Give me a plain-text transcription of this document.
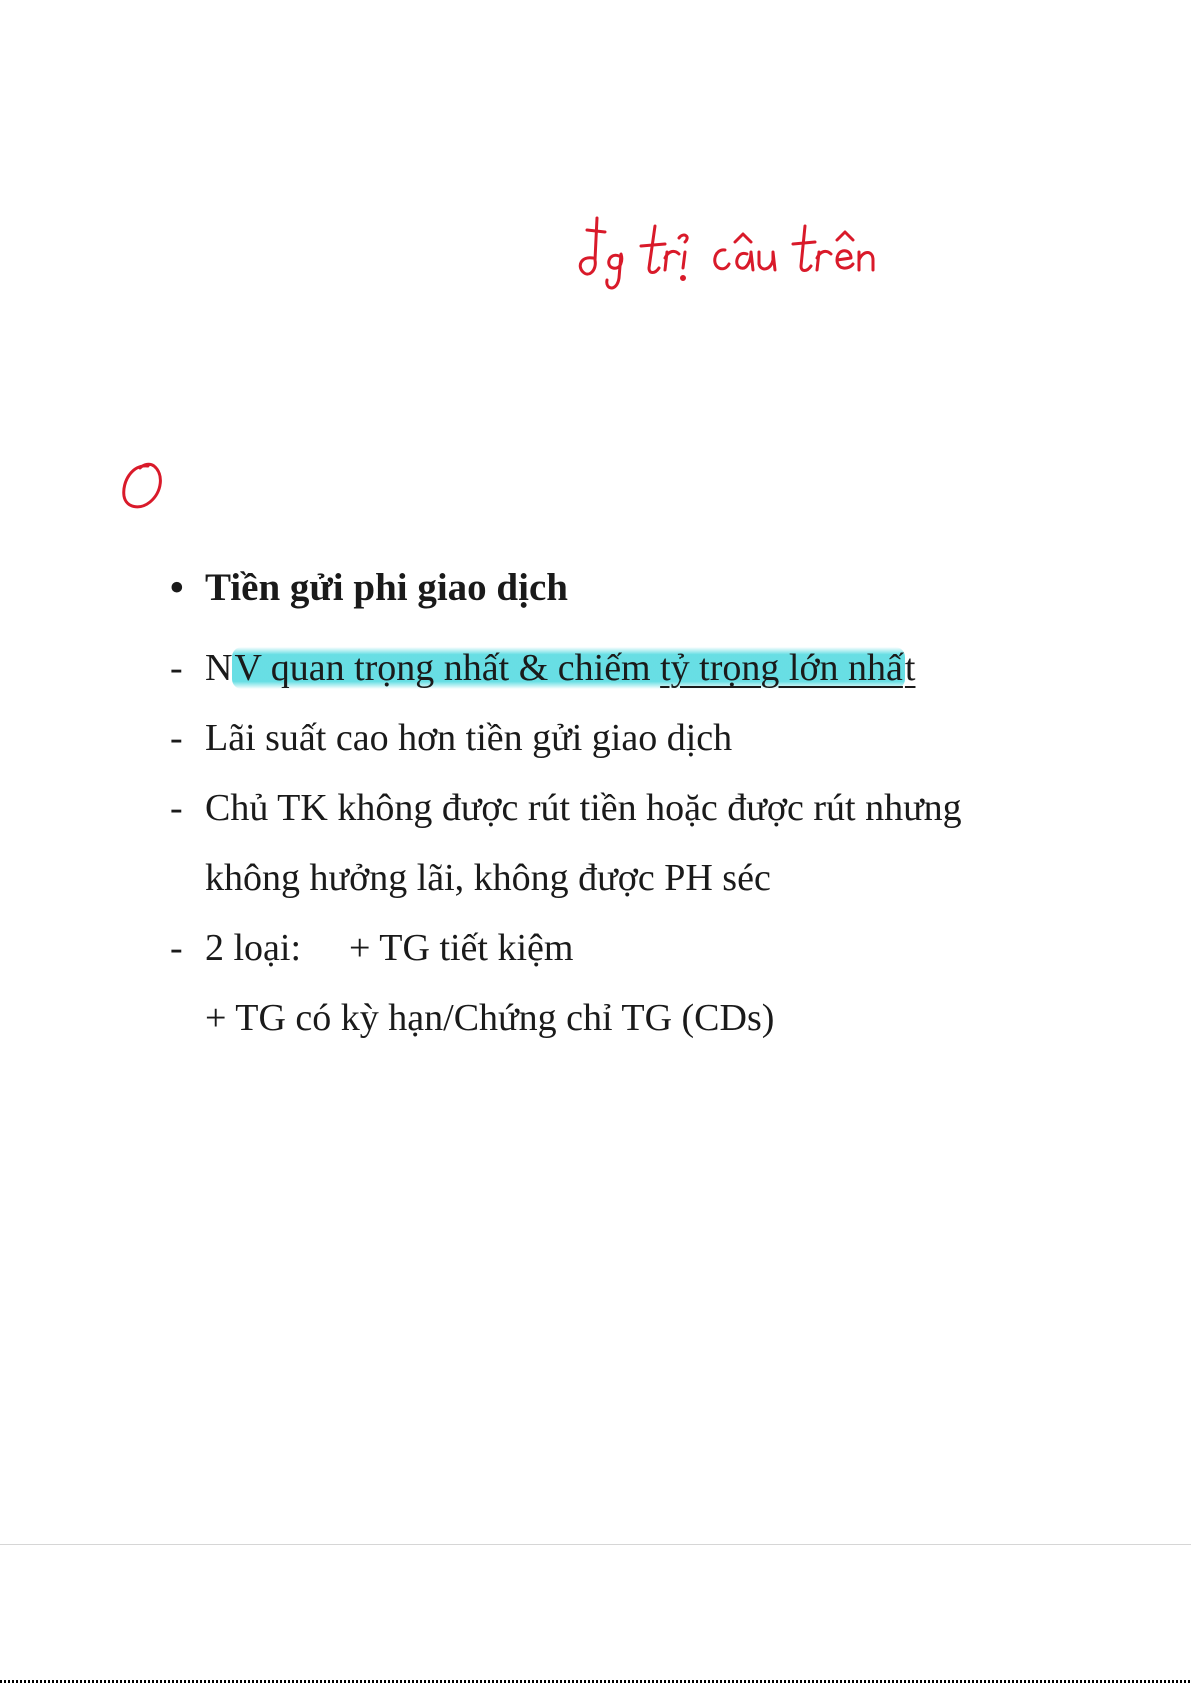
• Tiền gửi phi giao dịch
- NV quan trọng nhất & chiếm tỷ trọng lớn nhất
- Lãi suất cao hơn tiền gửi giao dịch
- Chủ TK không được rút tiền hoặc được rút nhưng
không hưởng lãi, không được PH séc
- 2 loại: + TG tiết kiệm
+ TG có kỳ hạn/Chứng chỉ TG (CDs)
